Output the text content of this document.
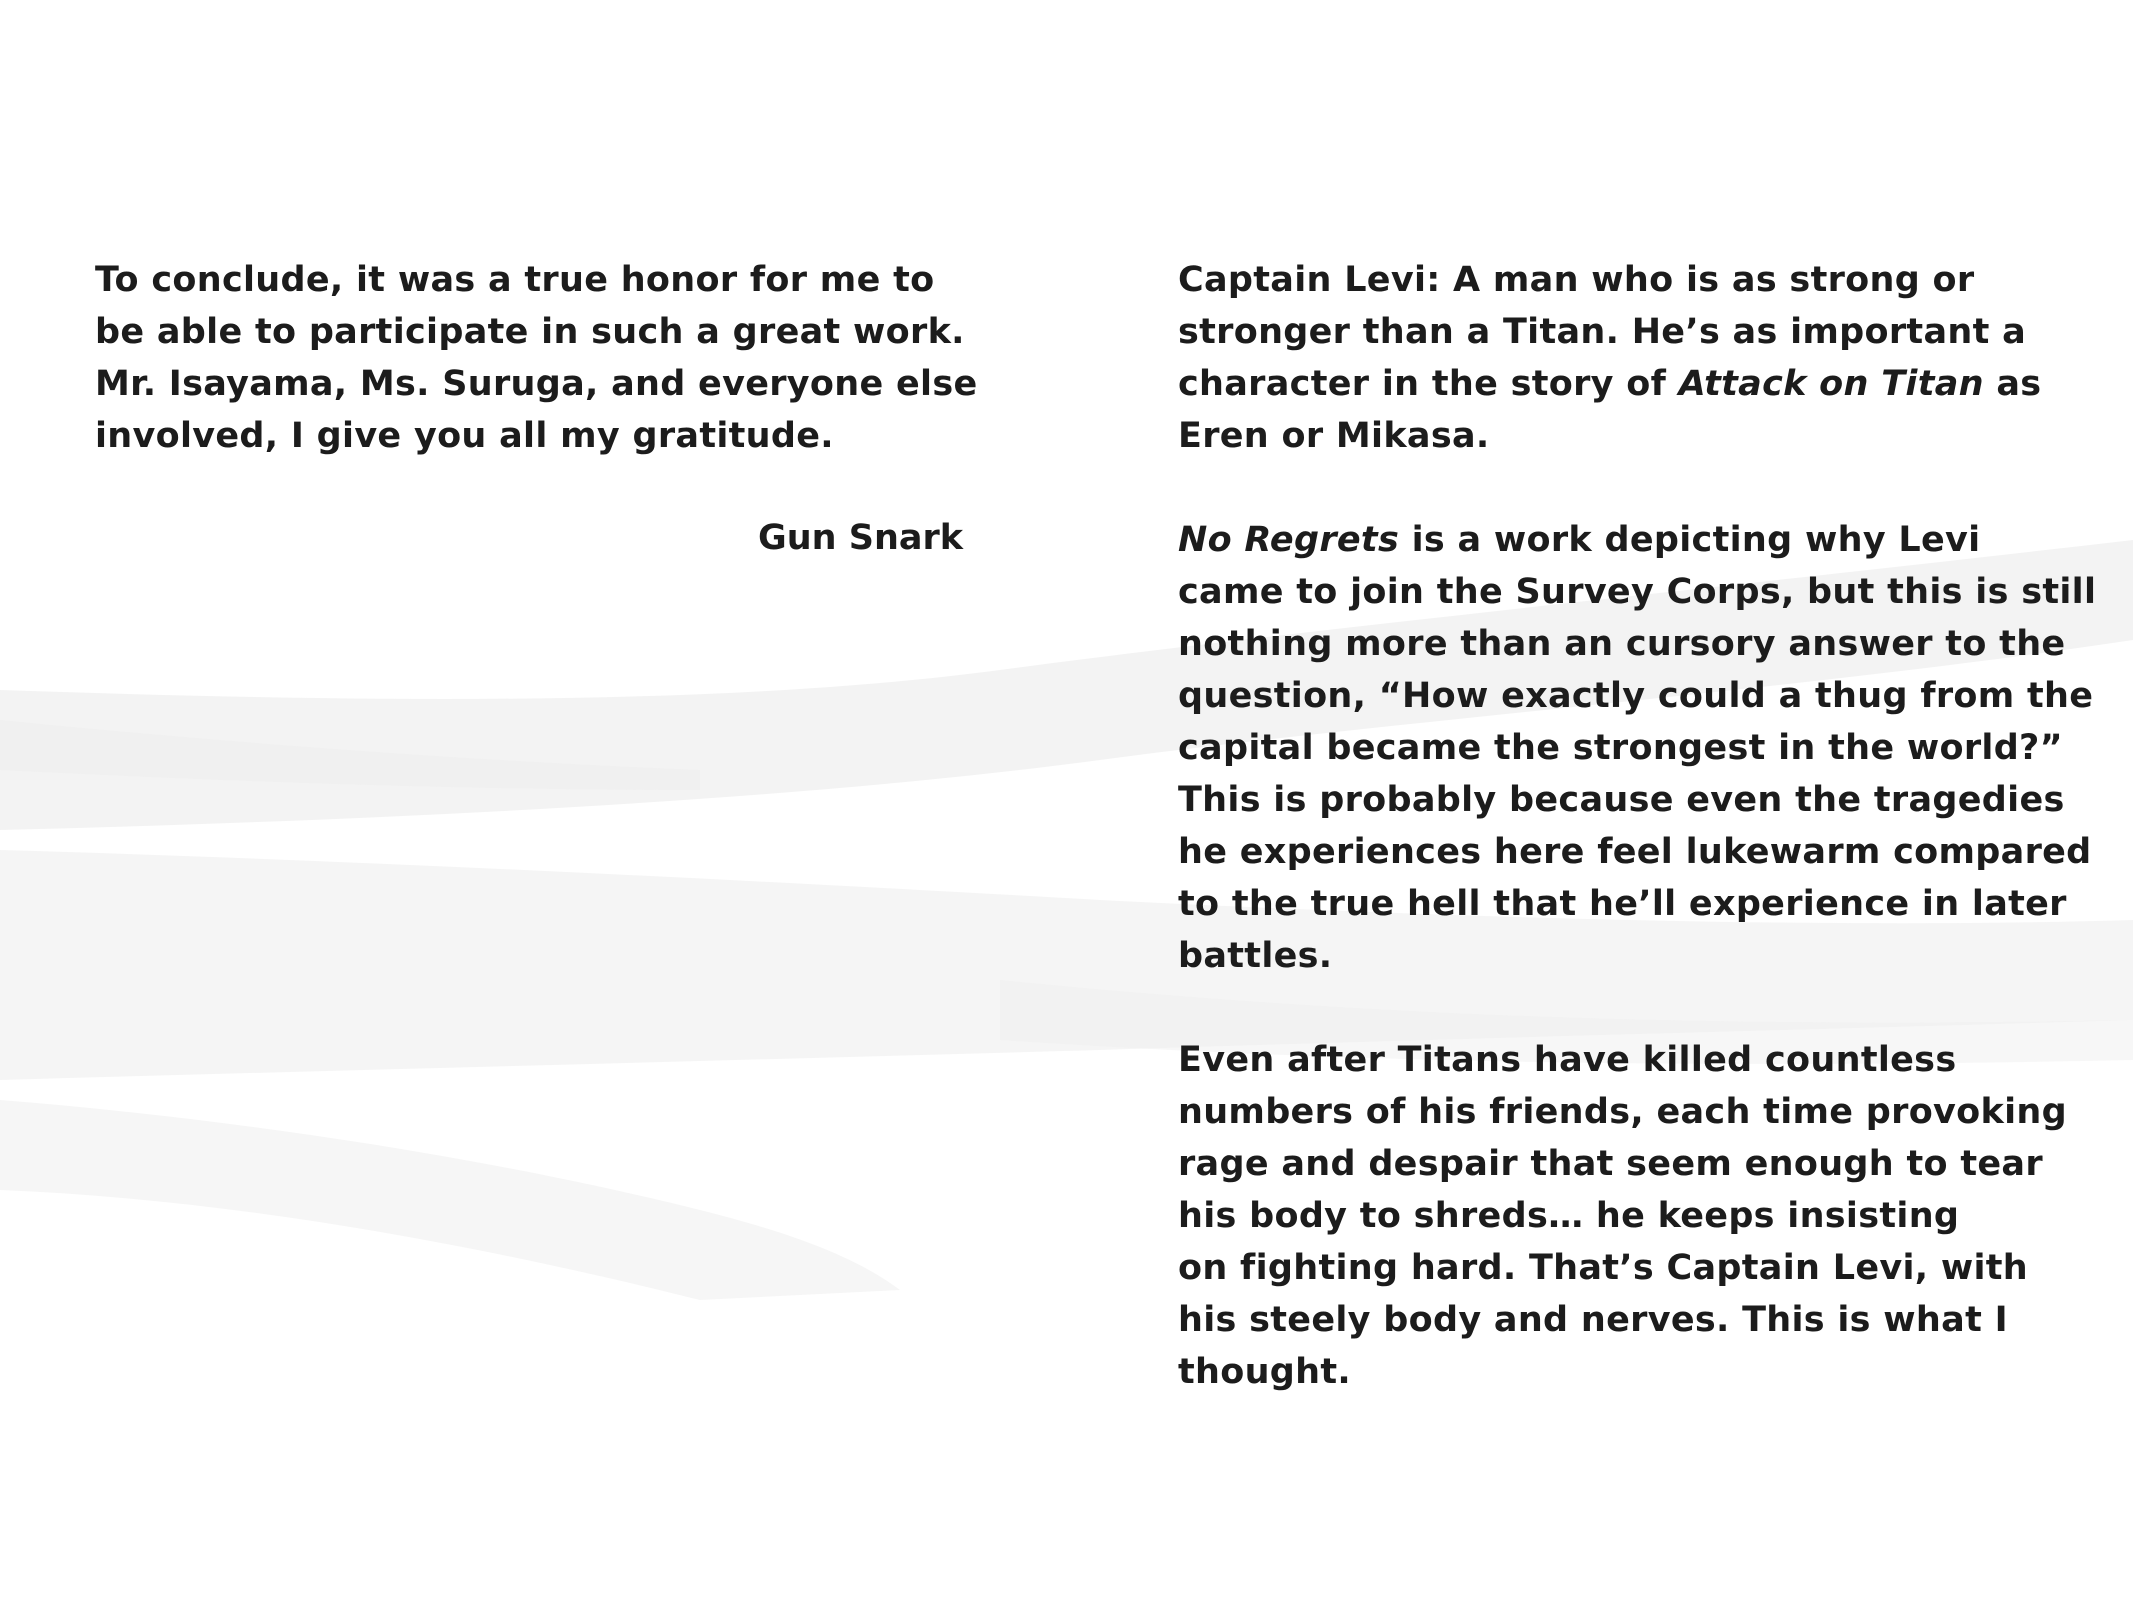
To conclude, it was a true honor for me to
be able to participate in such a great work.
Mr. Isayama, Ms. Suruga, and everyone else
involved, I give you all my gratitude.

Gun Snark

Captain Levi: A man who is as strong or
stronger than a Titan. He’s as important a
character in the story of Attack on Titan as
Eren or Mikasa.

No Regrets is a work depicting why Levi
came to join the Survey Corps, but this is still
nothing more than an cursory answer to the
question, “How exactly could a thug from the
capital became the strongest in the world?”
This is probably because even the tragedies
he experiences here feel lukewarm compared
to the true hell that he’ll experience in later
battles.

Even after Titans have killed countless
numbers of his friends, each time provoking
rage and despair that seem enough to tear
his body to shreds… he keeps insisting
on fighting hard. That’s Captain Levi, with
his steely body and nerves. This is what I
thought.
